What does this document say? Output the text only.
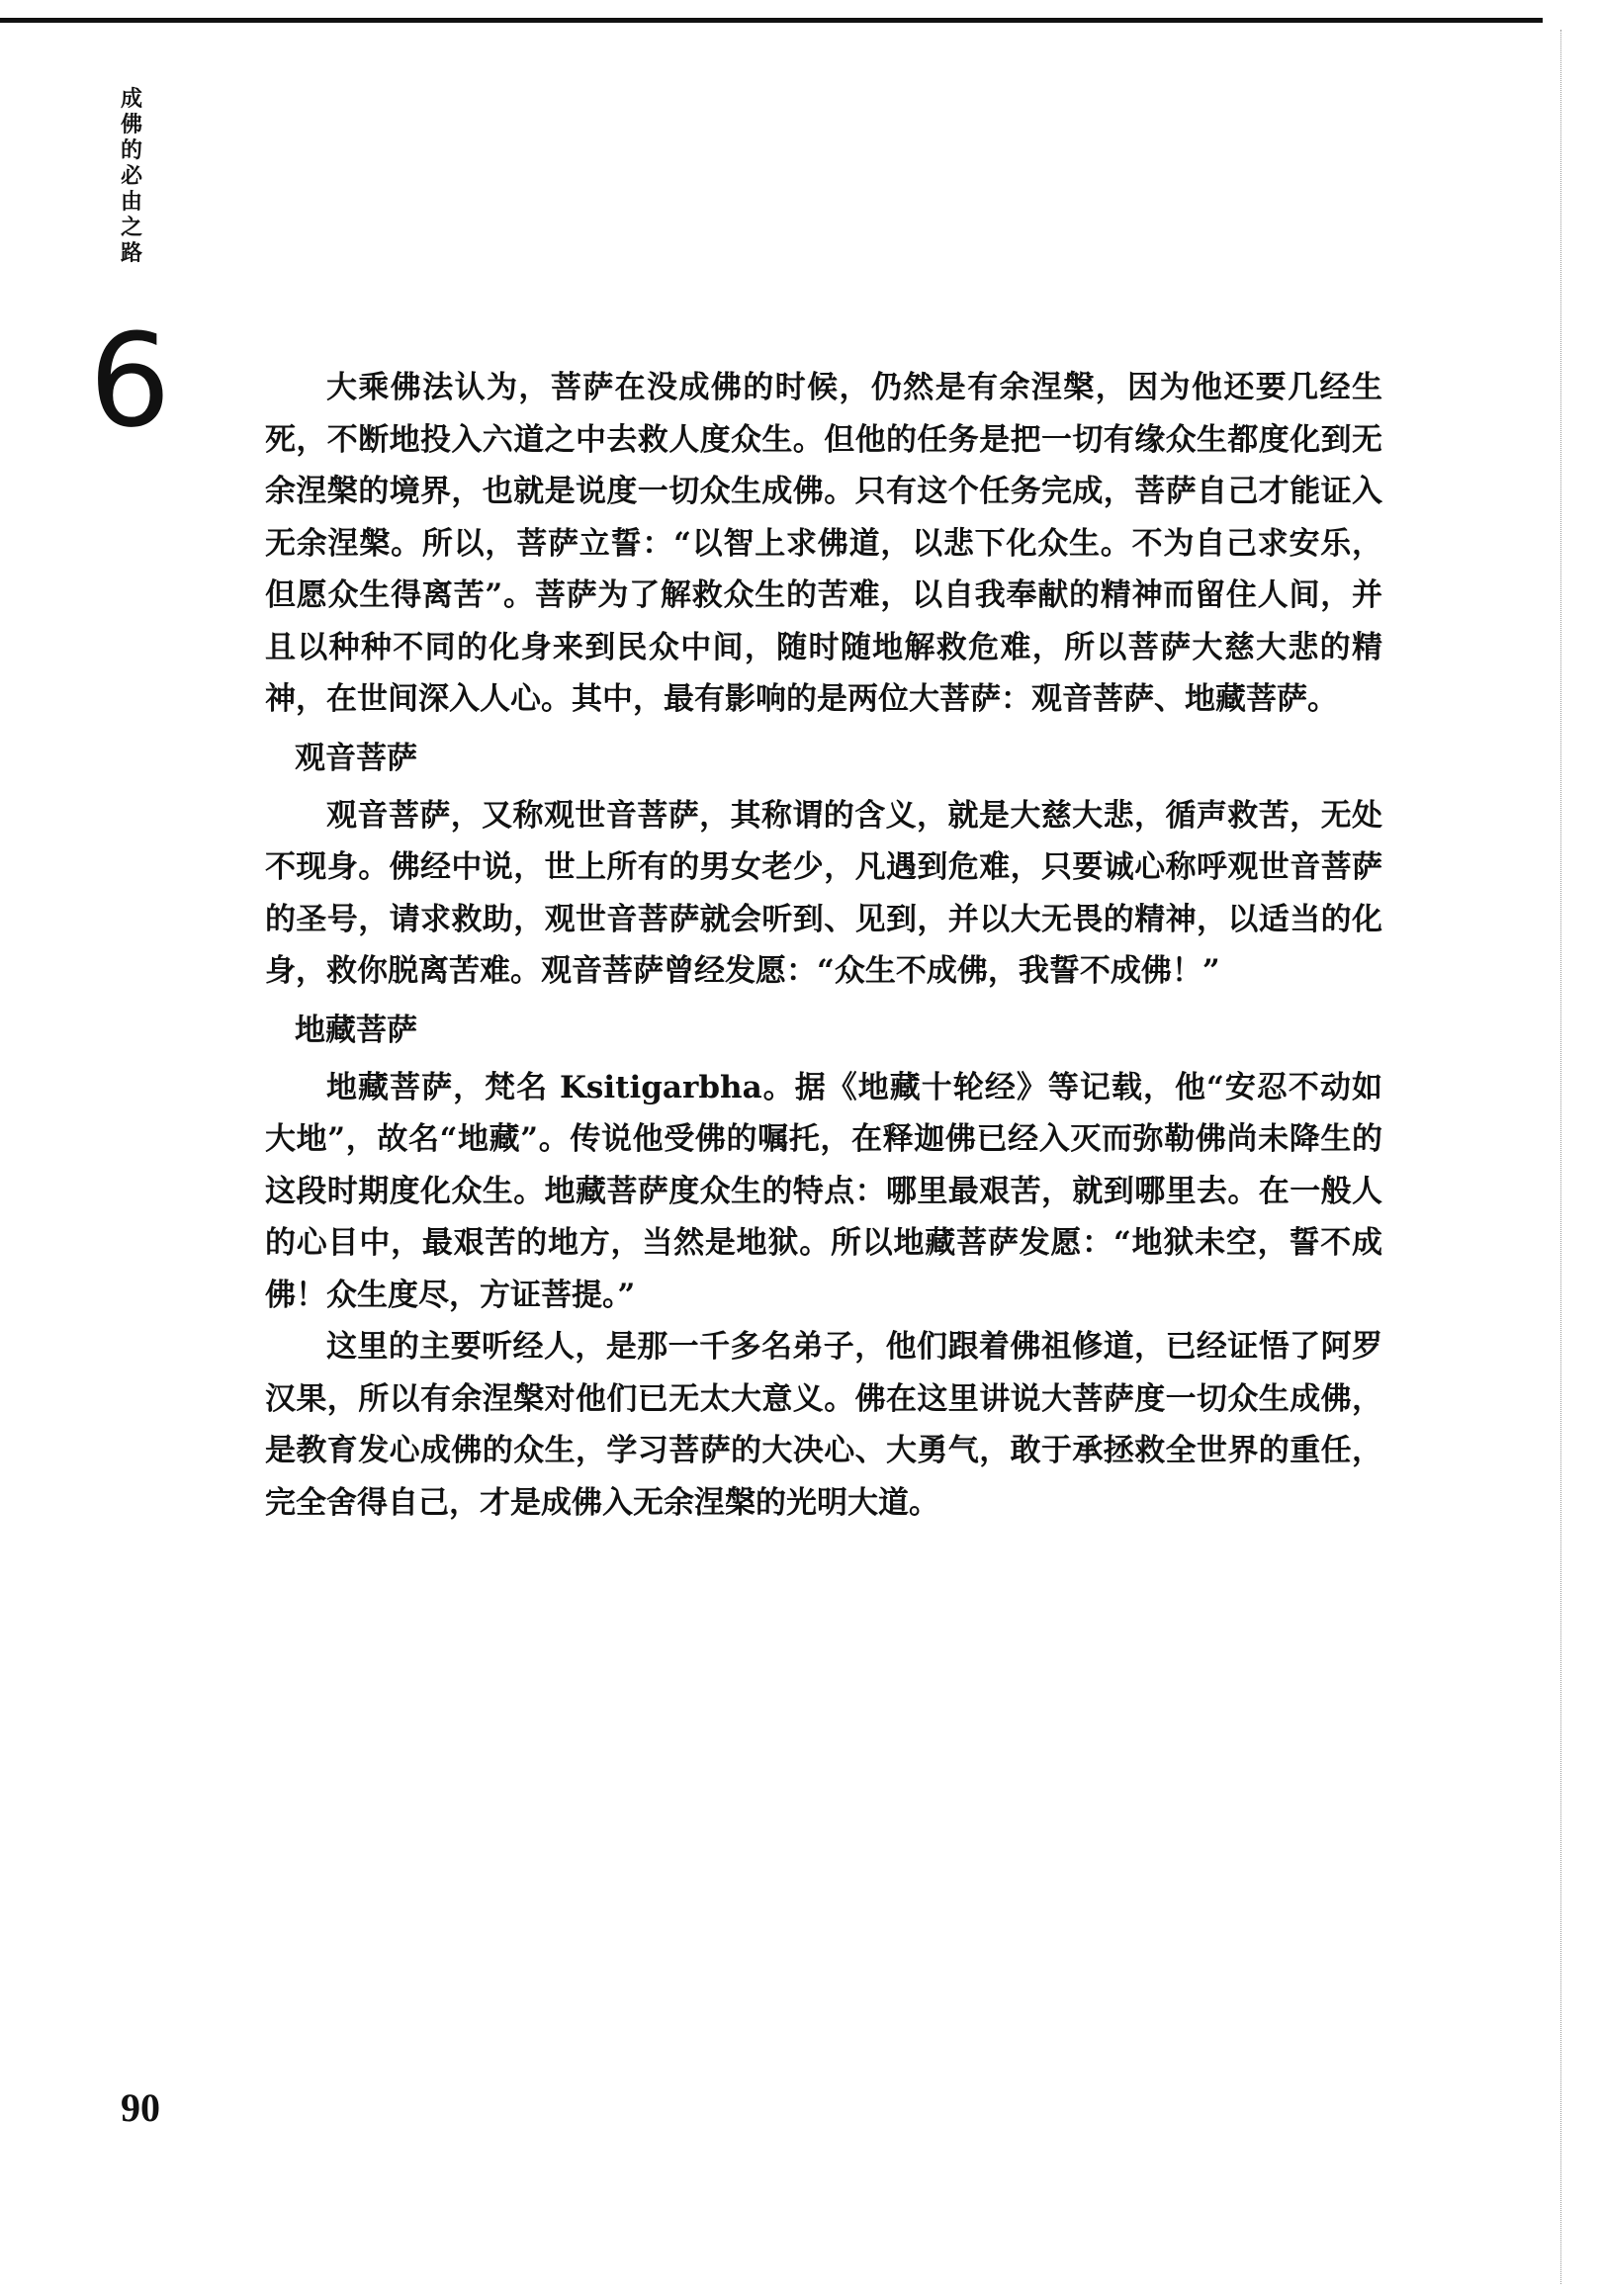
成佛的必由之路
6	大乘佛法认为，菩萨在没成佛的时候，仍然是有余涅槃，因为他还要几经生死，不断地投入六道之中去救人度众生。但他的任务是把一切有缘众生都度化到无余涅槃的境界，也就是说度一切众生成佛。只有这个任务完成，菩萨自己才能证入无余涅槃。所以，菩萨立誓：“以智上求佛道，以悲下化众生。不为自己求安乐，但愿众生得离苦”。菩萨为了解救众生的苦难，以自我奉献的精神而留住人间，并且以种种不同的化身来到民众中间，随时随地解救危难，所以菩萨大慈大悲的精神，在世间深入人心。其中，最有影响的是两位大菩萨：观音菩萨、地藏菩萨。

观音菩萨

观音菩萨，又称观世音菩萨，其称谓的含义，就是大慈大悲，循声救苦，无处不现身。佛经中说，世上所有的男女老少，凡遇到危难，只要诚心称呼观世音菩萨的圣号，请求救助，观世音菩萨就会听到、见到，并以大无畏的精神，以适当的化身，救你脱离苦难。观音菩萨曾经发愿：“众生不成佛，我誓不成佛！”

地藏菩萨

地藏菩萨，梵名 Ksitigarbha。据《地藏十轮经》等记载，他“安忍不动如大地”，故名“地藏”。传说他受佛的嘱托，在释迦佛已经入灭而弥勒佛尚未降生的这段时期度化众生。地藏菩萨度众生的特点：哪里最艰苦，就到哪里去。在一般人的心目中，最艰苦的地方，当然是地狱。所以地藏菩萨发愿：“地狱未空，誓不成佛！众生度尽，方证菩提。”

这里的主要听经人，是那一千多名弟子，他们跟着佛祖修道，已经证悟了阿罗汉果，所以有余涅槃对他们已无太大意义。佛在这里讲说大菩萨度一切众生成佛，是教育发心成佛的众生，学习菩萨的大决心、大勇气，敢于承拯救全世界的重任，完全舍得自己，才是成佛入无余涅槃的光明大道。

90
